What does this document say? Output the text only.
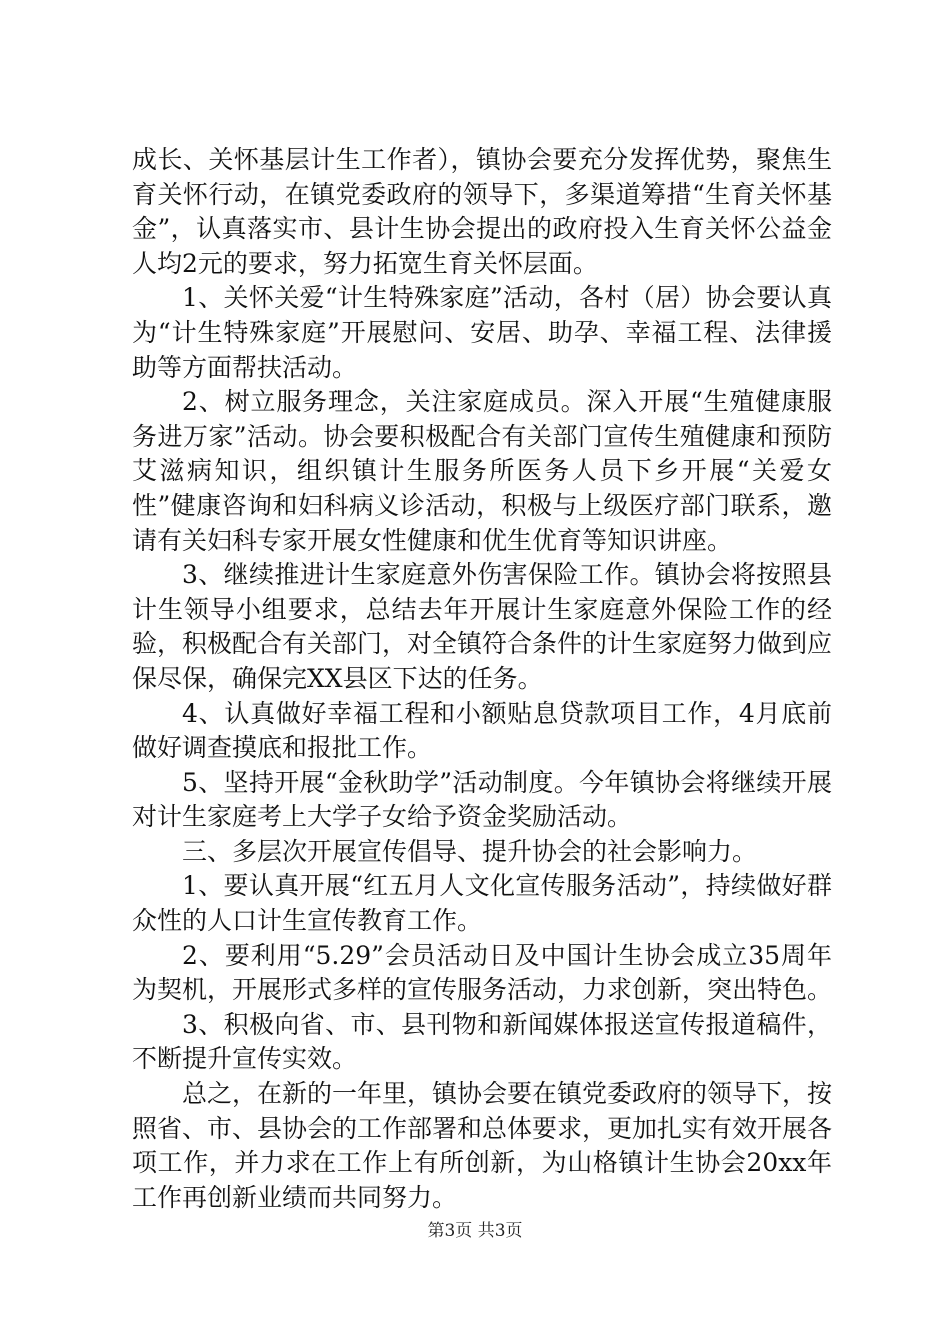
成长、关怀基层计生工作者），镇协会要充分发挥优势，聚焦生育关怀行动，在镇党委政府的领导下，多渠道筹措“生育关怀基金”，认真落实市、县计生协会提出的政府投入生育关怀公益金人均2元的要求，努力拓宽生育关怀层面。

1、关怀关爱“计生特殊家庭”活动，各村（居）协会要认真为“计生特殊家庭”开展慰问、安居、助孕、幸福工程、法律援助等方面帮扶活动。

2、树立服务理念，关注家庭成员。深入开展“生殖健康服务进万家”活动。协会要积极配合有关部门宣传生殖健康和预防艾滋病知识，组织镇计生服务所医务人员下乡开展“关爱女性”健康咨询和妇科病义诊活动，积极与上级医疗部门联系，邀请有关妇科专家开展女性健康和优生优育等知识讲座。

3、继续推进计生家庭意外伤害保险工作。镇协会将按照县计生领导小组要求，总结去年开展计生家庭意外保险工作的经验，积极配合有关部门，对全镇符合条件的计生家庭努力做到应保尽保，确保完XX县区下达的任务。

4、认真做好幸福工程和小额贴息贷款项目工作，4月底前做好调查摸底和报批工作。

5、坚持开展“金秋助学”活动制度。今年镇协会将继续开展对计生家庭考上大学子女给予资金奖励活动。

三、多层次开展宣传倡导、提升协会的社会影响力。

1、要认真开展“红五月人文化宣传服务活动”，持续做好群众性的人口计生宣传教育工作。

2、要利用“5.29”会员活动日及中国计生协会成立35周年为契机，开展形式多样的宣传服务活动，力求创新，突出特色。

3、积极向省、市、县刊物和新闻媒体报送宣传报道稿件，不断提升宣传实效。

总之，在新的一年里，镇协会要在镇党委政府的领导下，按照省、市、县协会的工作部署和总体要求，更加扎实有效开展各项工作，并力求在工作上有所创新，为山格镇计生协会20xx年工作再创新业绩而共同努力。

第3页 共3页
